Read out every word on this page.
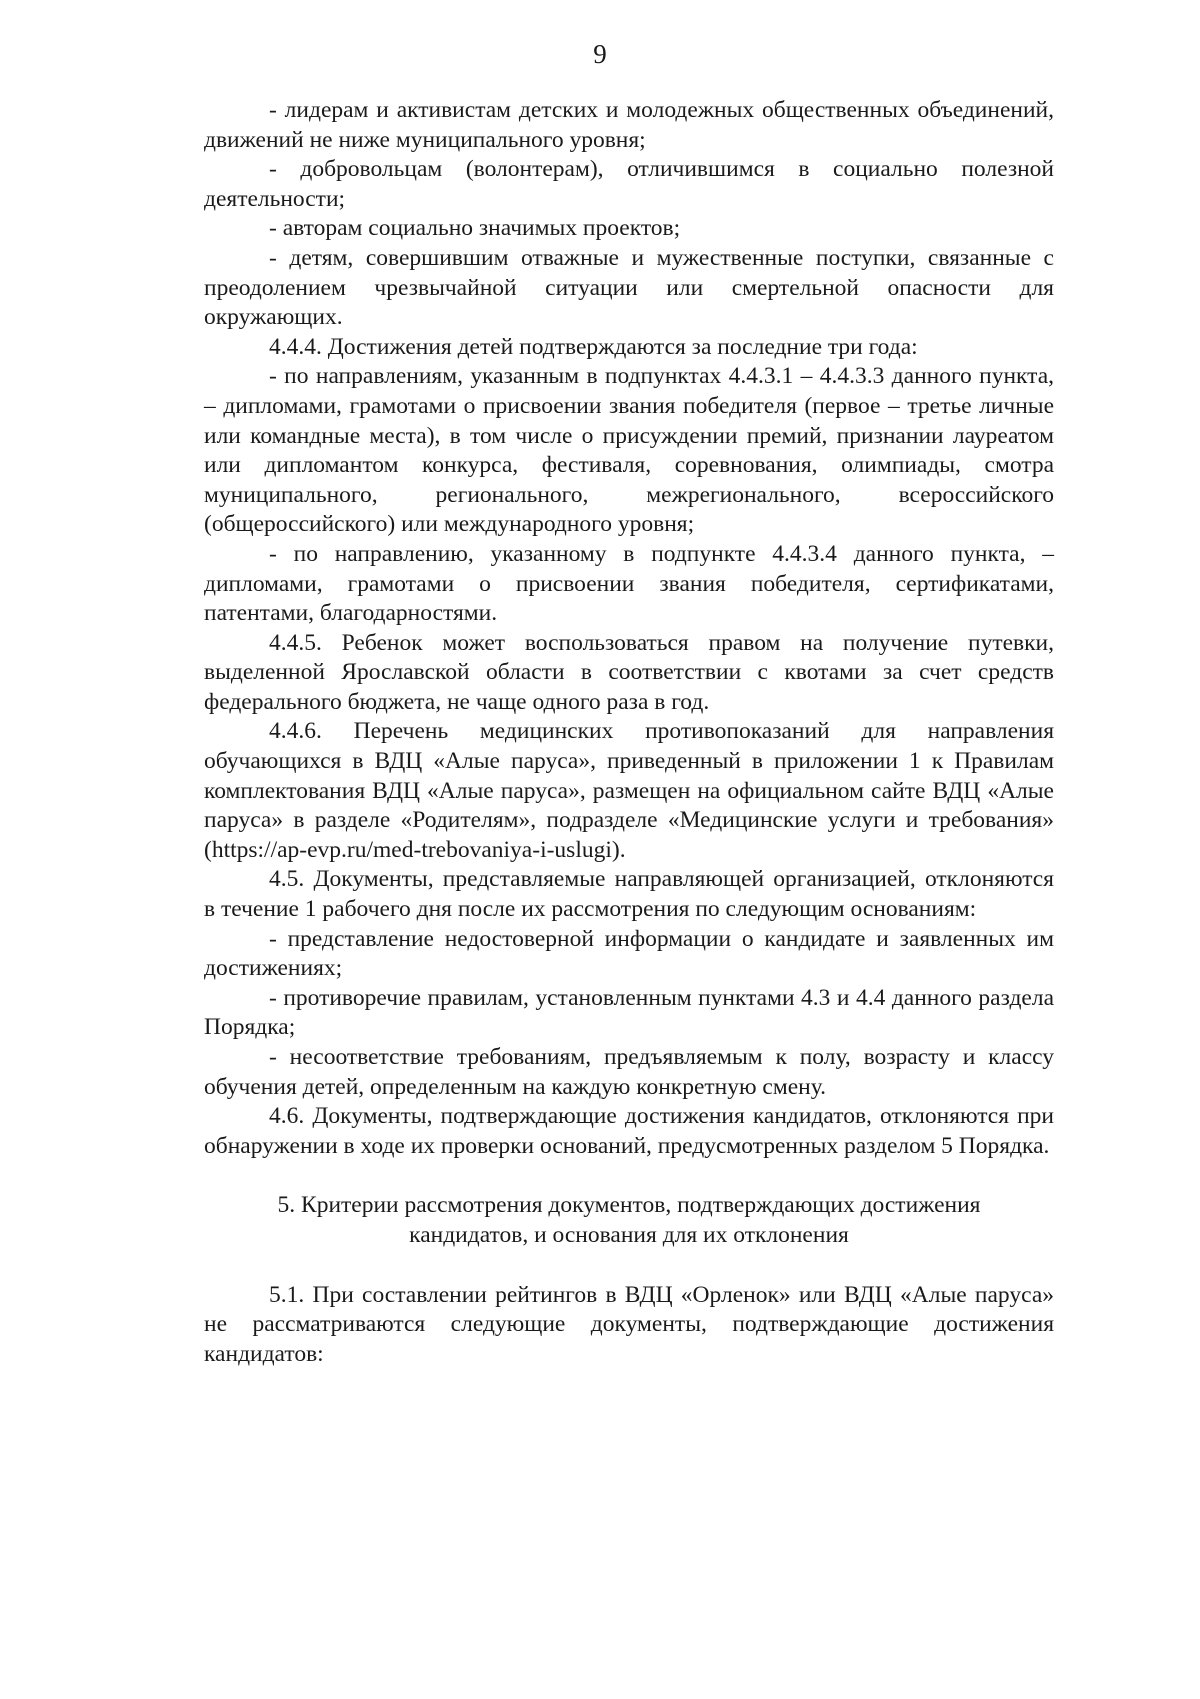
9

- лидерам и активистам детских и молодежных общественных объединений, движений не ниже муниципального уровня;

- добровольцам (волонтерам), отличившимся в социально полезной деятельности;

- авторам социально значимых проектов;

- детям, совершившим отважные и мужественные поступки, связанные с преодолением чрезвычайной ситуации или смертельной опасности для окружающих.

4.4.4. Достижения детей подтверждаются за последние три года:

- по направлениям, указанным в подпунктах 4.4.3.1 – 4.4.3.3 данного пункта, – дипломами, грамотами о присвоении звания победителя (первое – третье личные или командные места), в том числе о присуждении премий, признании лауреатом или дипломантом конкурса, фестиваля, соревнования, олимпиады, смотра муниципального, регионального, межрегионального, всероссийского (общероссийского) или международного уровня;

- по направлению, указанному в подпункте 4.4.3.4 данного пункта, – дипломами, грамотами о присвоении звания победителя, сертификатами, патентами, благодарностями.

4.4.5. Ребенок может воспользоваться правом на получение путевки, выделенной Ярославской области в соответствии с квотами за счет средств федерального бюджета, не чаще одного раза в год.

4.4.6. Перечень медицинских противопоказаний для направления обучающихся в ВДЦ «Алые паруса», приведенный в приложении 1 к Правилам комплектования ВДЦ «Алые паруса», размещен на официальном сайте ВДЦ «Алые паруса» в разделе «Родителям», подразделе «Медицинские услуги и требования» (https://ap-evp.ru/med-trebovaniya-i-uslugi).

4.5. Документы, представляемые направляющей организацией, отклоняются в течение 1 рабочего дня после их рассмотрения по следующим основаниям:

- представление недостоверной информации о кандидате и заявленных им достижениях;

- противоречие правилам, установленным пунктами 4.3 и 4.4 данного раздела Порядка;

- несоответствие требованиям, предъявляемым к полу, возрасту и классу обучения детей, определенным на каждую конкретную смену.

4.6. Документы, подтверждающие достижения кандидатов, отклоняются при обнаружении в ходе их проверки оснований, предусмотренных разделом 5 Порядка.

5. Критерии рассмотрения документов, подтверждающих достижения
кандидатов, и основания для их отклонения

5.1. При составлении рейтингов в ВДЦ «Орленок» или ВДЦ «Алые паруса» не рассматриваются следующие документы, подтверждающие достижения кандидатов:
